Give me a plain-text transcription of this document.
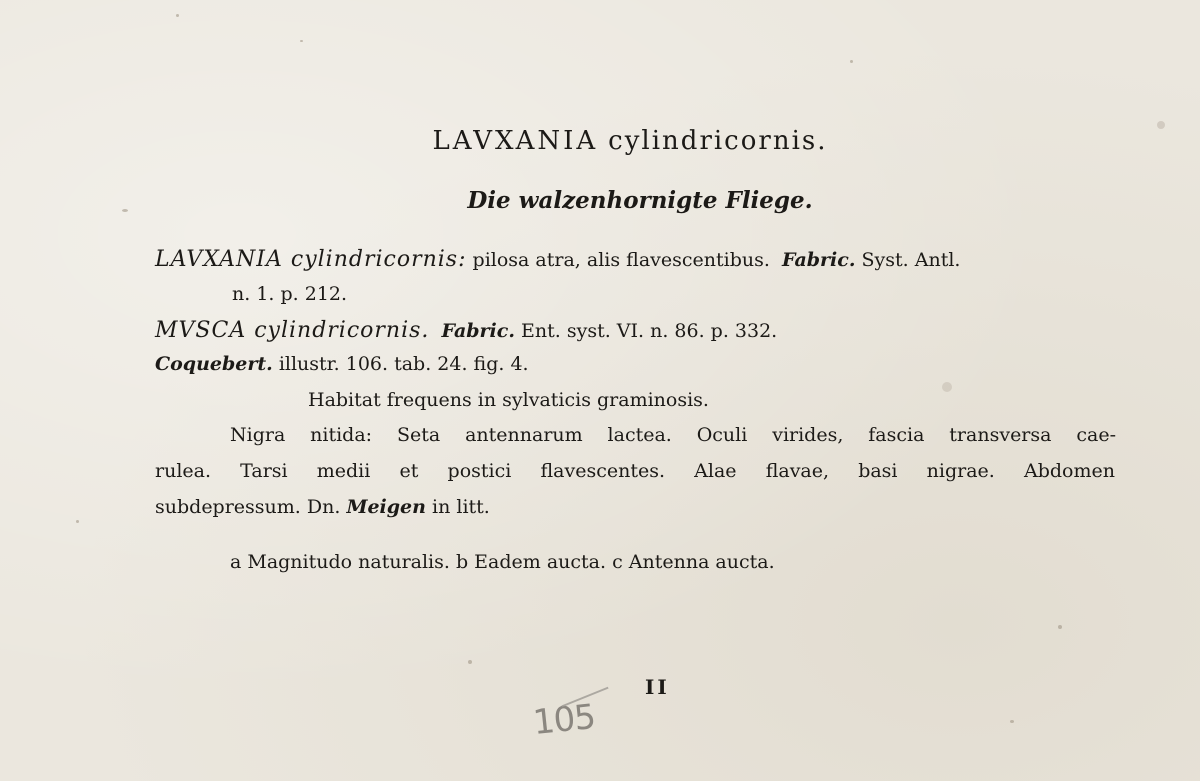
LAVXANIA cylindricornis.
Die walzenhornigte Fliege.
LAVXANIA cylindricornis: pilosa atra, alis flavescentibus. Fabric. Syst. Antl.
n. 1. p. 212.
MVSCA cylindricornis. Fabric. Ent. syst. VI. n. 86. p. 332.
Coquebert. illustr. 106. tab. 24. fig. 4.
Habitat frequens in sylvaticis graminosis.
Nigra nitida: Seta antennarum lactea. Oculi virides, fascia transversa cae-
rulea. Tarsi medii et postici flavescentes. Alae flavae, basi nigrae. Abdomen
subdepressum. Dn. Meigen in litt.
a Magnitudo naturalis. b Eadem aucta. c Antenna aucta.
II
105
